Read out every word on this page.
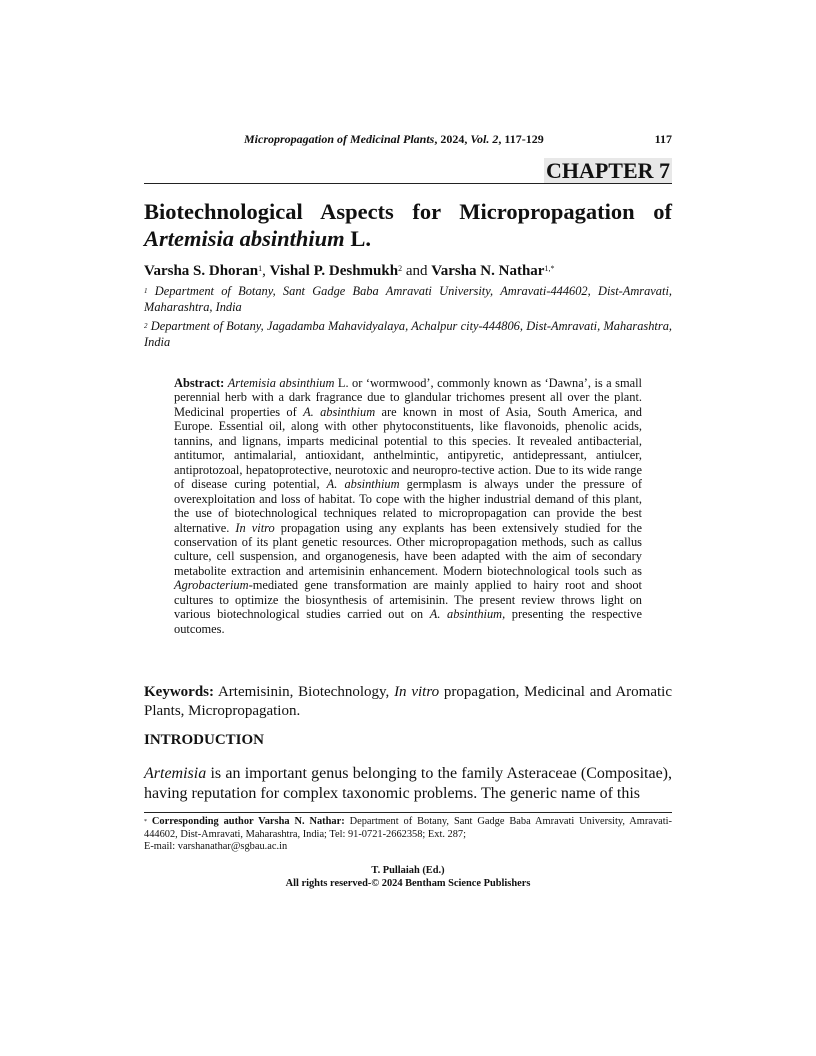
Micropropagation of Medicinal Plants, 2024, Vol. 2, 117-129	117
CHAPTER 7
Biotechnological Aspects for Micropropagation of
Artemisia absinthium L.
Varsha S. Dhoran$^1$, Vishal P. Deshmukh$^2$ and Varsha N. Nathar$^{1,*}$
$^1$ Department of Botany, Sant Gadge Baba Amravati University, Amravati-444602, Dist-Amravati, Maharashtra, India
$^2$ Department of Botany, Jagadamba Mahavidyalaya, Achalpur city-444806, Dist-Amravati, Maharashtra, India

Abstract: Artemisia absinthium L. or ‘wormwood’, commonly known as ‘Dawna’, is a small perennial herb with a dark fragrance due to glandular trichomes present all over the plant. Medicinal properties of A. absinthium are known in most of Asia, South America, and Europe. Essential oil, along with other phytoconstituents, like flavonoids, phenolic acids, tannins, and lignans, imparts medicinal potential to this species. It revealed antibacterial, antitumor, antimalarial, antioxidant, anthelmintic, antipyretic, antidepressant, antiulcer, antiprotozoal, hepatoprotective, neurotoxic and neuropro-tective action. Due to its wide range of disease curing potential, A. absinthium germplasm is always under the pressure of overexploitation and loss of habitat. To cope with the higher industrial demand of this plant, the use of biotechnological techniques related to micropropagation can provide the best alternative. In vitro propagation using any explants has been extensively studied for the conservation of its plant genetic resources. Other micropropagation methods, such as callus culture, cell suspension, and organogenesis, have been adapted with the aim of secondary metabolite extraction and artemisinin enhancement. Modern biotechnological tools such as Agrobacterium-mediated gene transformation are mainly applied to hairy root and shoot cultures to optimize the biosynthesis of artemisinin. The present review throws light on various biotechnological studies carried out on A. absinthium, presenting the respective outcomes.

Keywords: Artemisinin, Biotechnology, In vitro propagation, Medicinal and Aromatic Plants, Micropropagation.
INTRODUCTION
Artemisia is an important genus belonging to the family Asteraceae (Compositae), having reputation for complex taxonomic problems. The generic name of this
* Corresponding author Varsha N. Nathar: Department of Botany, Sant Gadge Baba Amravati University, Amravati-444602, Dist-Amravati, Maharashtra, India; Tel: 91-0721-2662358; Ext. 287;
E-mail: varshanathar@sgbau.ac.in
T. Pullaiah (Ed.)
All rights reserved-© 2024 Bentham Science Publishers
